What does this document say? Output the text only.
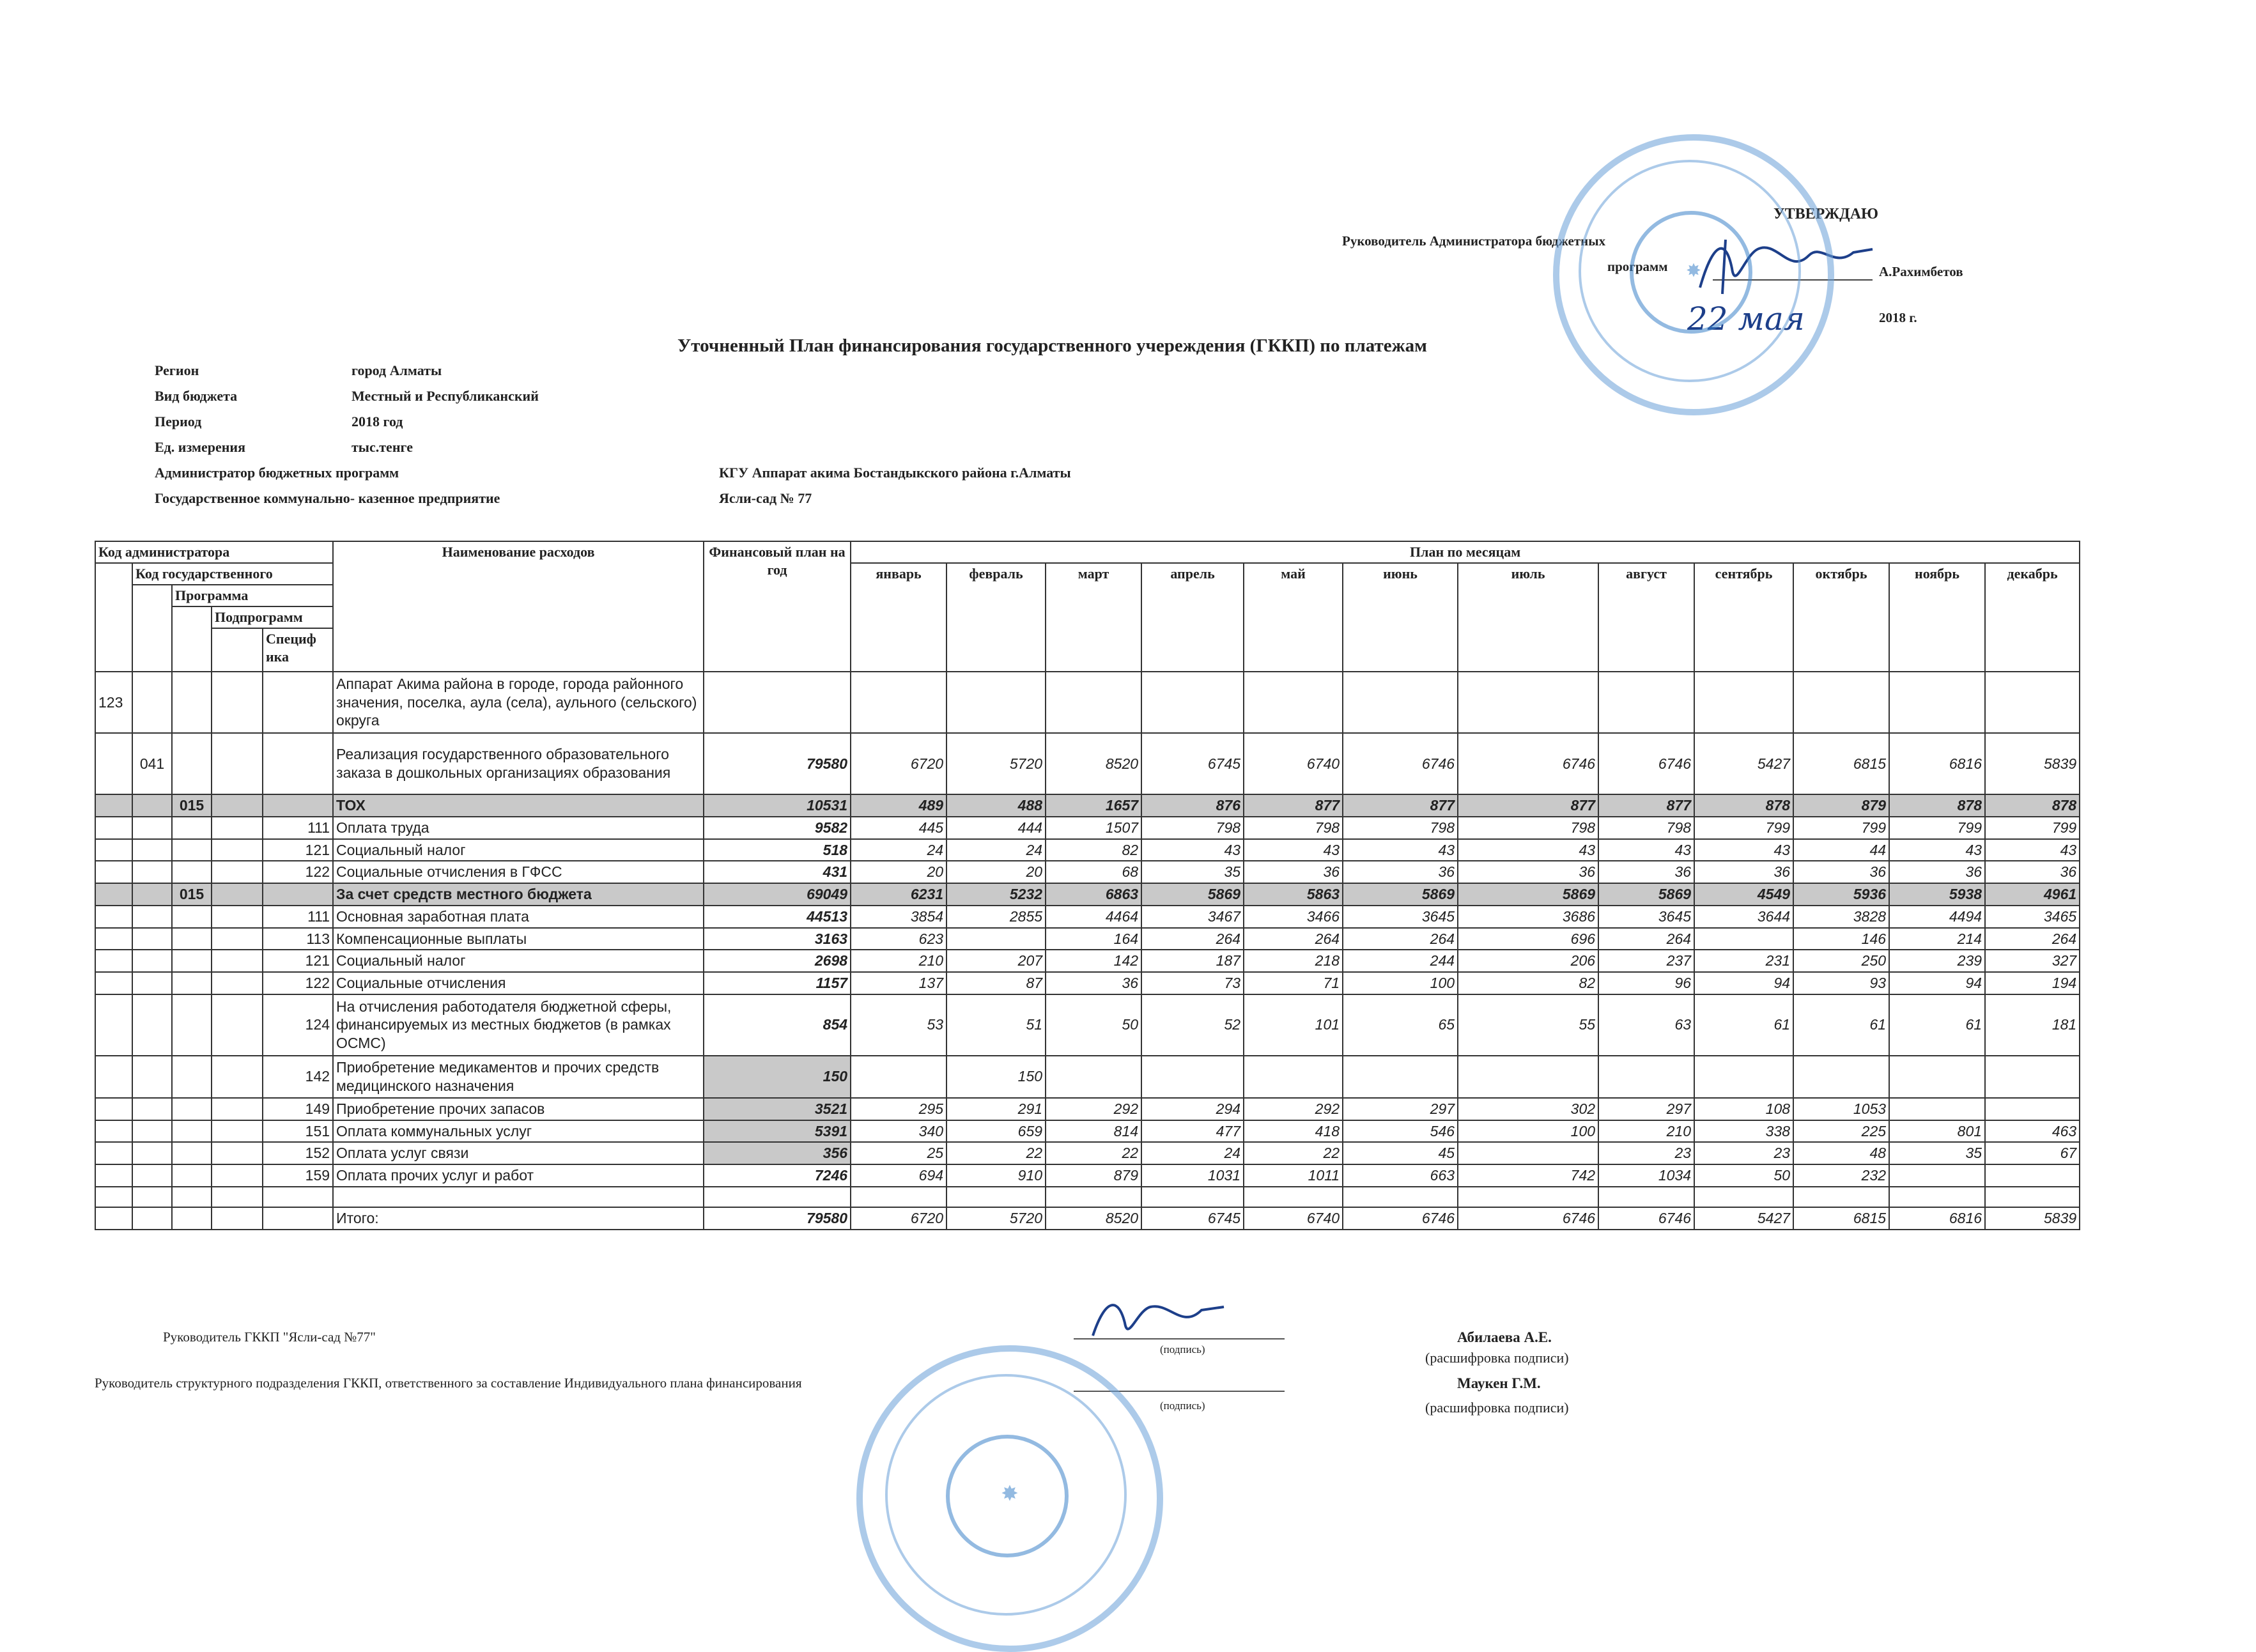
УТВЕРЖДАЮ
Руководитель Администратора бюджетных
программ	А.Рахимбетов
22 мая	2018 г.
✸
Уточненный План финансирования государственного учереждения (ГККП) по платежам
Регион	город Алматы
Вид бюджета	Местный и Республиканский
Период	2018 год
Ед. измерения	тыс.тенге
Администратор бюджетных программ	КГУ Аппарат акима Бостандыкского района г.Алматы
Государственное коммунально- казенное предприятие	Ясли-сад № 77
Код администратора					Наименование расходов	Финансовый план на год	План по месяцам											
	Код государственного						январь	февраль	март	апрель	май	июнь	июль	август	сентябрь	октябрь	ноябрь	декабрь
		Программа																
			Подпрограмм															
				Специф ика														
123					Аппарат Акима района в городе, города районного значения, поселка, аула (села), аульного (сельского) округа													
	041				Реализация государственного образовательного заказа в дошкольных организациях образования	79580	6720	5720	8520	6745	6740	6746	6746	6746	5427	6815	6816	5839
		015			ТОХ	10531	489	488	1657	876	877	877	877	877	878	879	878	878
				111	Оплата труда	9582	445	444	1507	798	798	798	798	798	799	799	799	799
				121	Социальный налог	518	24	24	82	43	43	43	43	43	43	44	43	43
				122	Социальные отчисления в ГФСС	431	20	20	68	35	36	36	36	36	36	36	36	36
		015			За счет средств местного бюджета	69049	6231	5232	6863	5869	5863	5869	5869	5869	4549	5936	5938	4961
				111	Основная заработная плата	44513	3854	2855	4464	3467	3466	3645	3686	3645	3644	3828	4494	3465
				113	Компенсационные выплаты	3163	623		164	264	264	264	696	264		146	214	264
				121	Социальный налог	2698	210	207	142	187	218	244	206	237	231	250	239	327
				122	Социальные отчисления	1157	137	87	36	73	71	100	82	96	94	93	94	194
				124	На отчисления работодателя бюджетной сферы, финансируемых из местных бюджетов (в рамках ОСМС)	854	53	51	50	52	101	65	55	63	61	61	61	181
				142	Приобретение медикаментов и прочих средств медицинского назначения	150		150										
				149	Приобретение прочих запасов	3521	295	291	292	294	292	297	302	297	108	1053		
				151	Оплата коммунальных услуг	5391	340	659	814	477	418	546	100	210	338	225	801	463
				152	Оплата услуг связи	356	25	22	22	24	22	45		23	23	48	35	67
				159	Оплата прочих услуг и работ	7246	694	910	879	1031	1011	663	742	1034	50	232		

					Итого:	79580	6720	5720	8520	6745	6740	6746	6746	6746	5427	6815	6816	5839
Руководитель ГККП "Ясли-сад №77"
(подпись)
Абилаева А.Е.
(расшифровка подписи)
Руководитель структурного подразделения ГККП, ответственного за составление Индивидуального плана финансирования
(подпись)
Маукен Г.М.
(расшифровка подписи)
✸
